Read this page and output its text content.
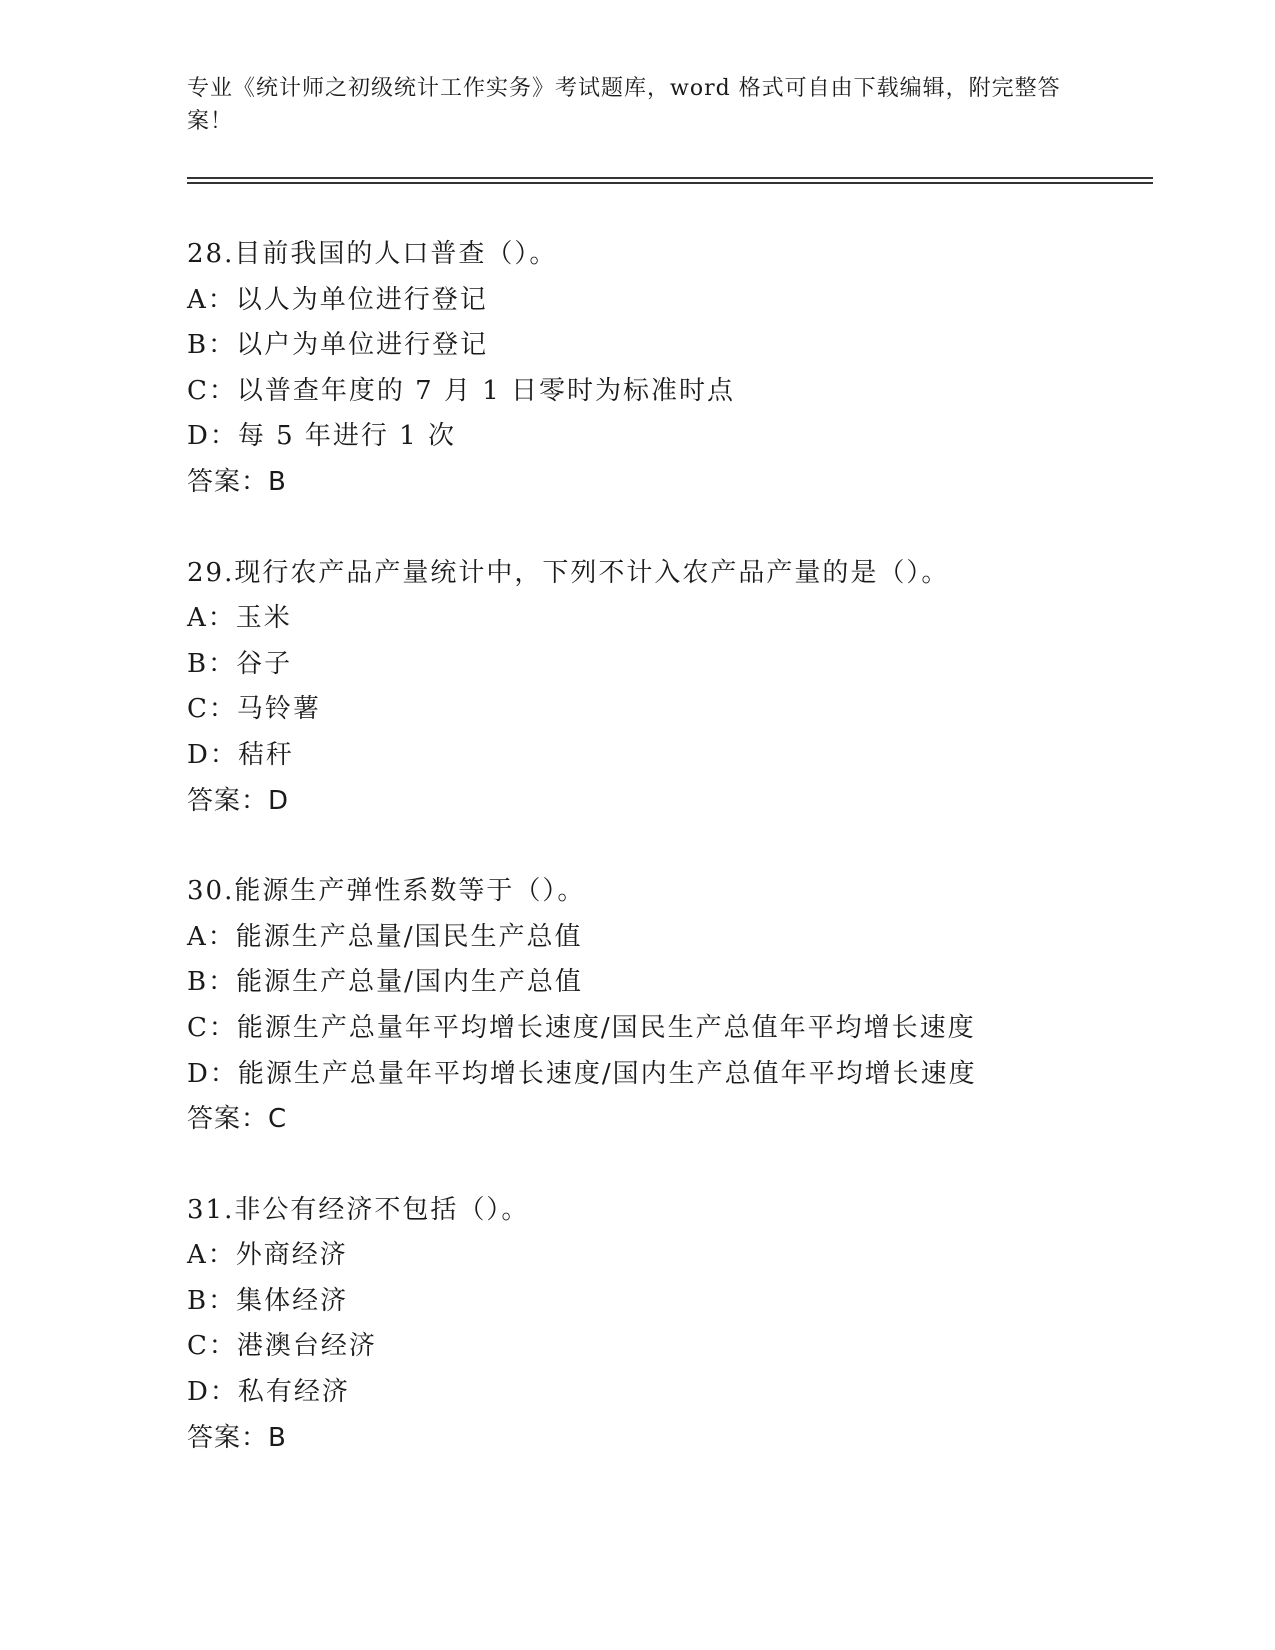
专业《统计师之初级统计工作实务》考试题库，word 格式可自由下载编辑，附完整答案！
28.目前我国的人口普查（）。
A：以人为单位进行登记
B：以户为单位进行登记
C：以普查年度的 7 月 1 日零时为标准时点
D：每 5 年进行 1 次
答案：B
29.现行农产品产量统计中，下列不计入农产品产量的是（）。
A：玉米
B：谷子
C：马铃薯
D：秸秆
答案：D
30.能源生产弹性系数等于（）。
A：能源生产总量/国民生产总值
B：能源生产总量/国内生产总值
C：能源生产总量年平均增长速度/国民生产总值年平均增长速度
D：能源生产总量年平均增长速度/国内生产总值年平均增长速度
答案：C
31.非公有经济不包括（）。
A：外商经济
B：集体经济
C：港澳台经济
D：私有经济
答案：B
